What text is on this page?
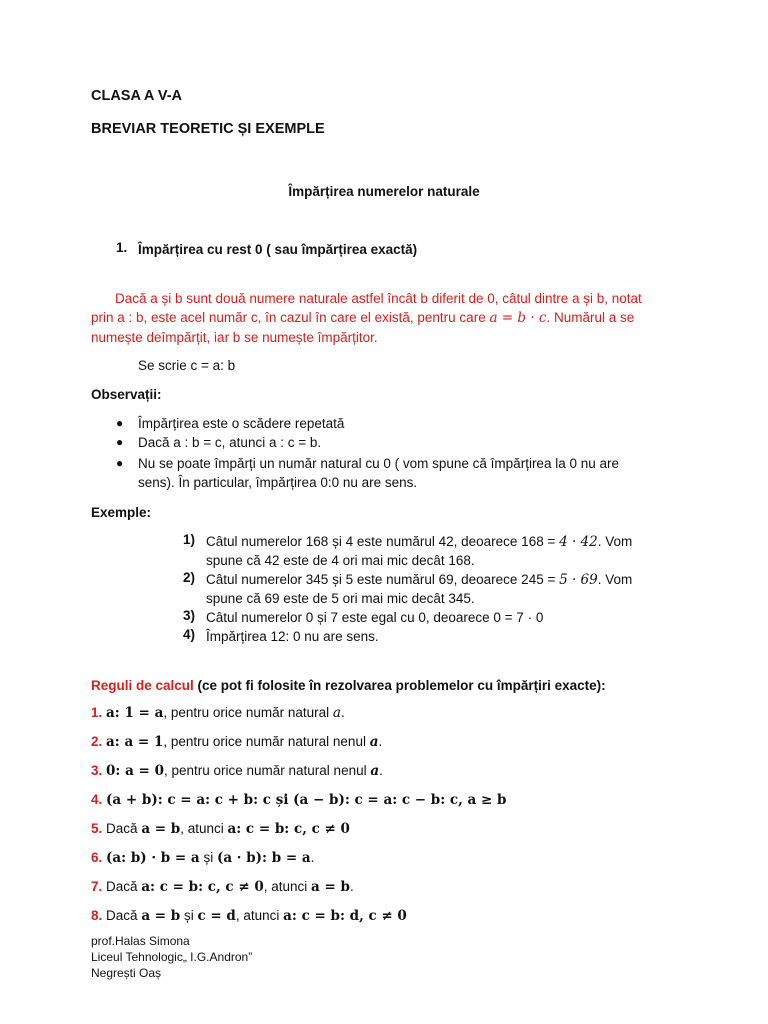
CLASA A V-A
BREVIAR TEORETIC ȘI EXEMPLE
Împărțirea numerelor naturale
1. Împărțirea cu rest 0 ( sau împărțirea exactă)
Dacă a și b sunt două numere naturale astfel încât b diferit de 0, câtul dintre a și b, notat
prin a : b, este acel număr c, în cazul în care el există, pentru care a = b · c. Numărul a se
numește deîmpărțit, iar b se numește împărțitor.
Se scrie c = a: b
Observații:
● Împărțirea este o scădere repetată
● Dacă a : b = c, atunci a : c = b.
● Nu se poate împărți un număr natural cu 0 ( vom spune că împărțirea la 0 nu are
sens). În particular, împărțirea 0:0 nu are sens.
Exemple:
1) Câtul numerelor 168 și 4 este numărul 42, deoarece 168 = 4 · 42. Vom
spune că 42 este de 4 ori mai mic decât 168.
2) Câtul numerelor 345 și 5 este numărul 69, deoarece 245 = 5 · 69. Vom
spune că 69 este de 5 ori mai mic decât 345.
3) Câtul numerelor 0 și 7 este egal cu 0, deoarece 0 = 7 · 0
4) Împărțirea 12: 0 nu are sens.
Reguli de calcul (ce pot fi folosite în rezolvarea problemelor cu împărțiri exacte):
1. a: 1 = a, pentru orice număr natural a.
2. a: a = 1, pentru orice număr natural nenul a.
3. 0: a = 0, pentru orice număr natural nenul a.
4. (a + b): c = a: c + b: c și (a − b): c = a: c − b: c, a ≥ b
5. Dacă a = b, atunci a: c = b: c, c ≠ 0
6. (a: b) · b = a și (a · b): b = a.
7. Dacă a: c = b: c, c ≠ 0, atunci a = b.
8. Dacă a = b și c = d, atunci a: c = b: d, c ≠ 0
prof.Halas Simona
Liceul Tehnologic„ I.G.Andron”
Negrești Oaș
